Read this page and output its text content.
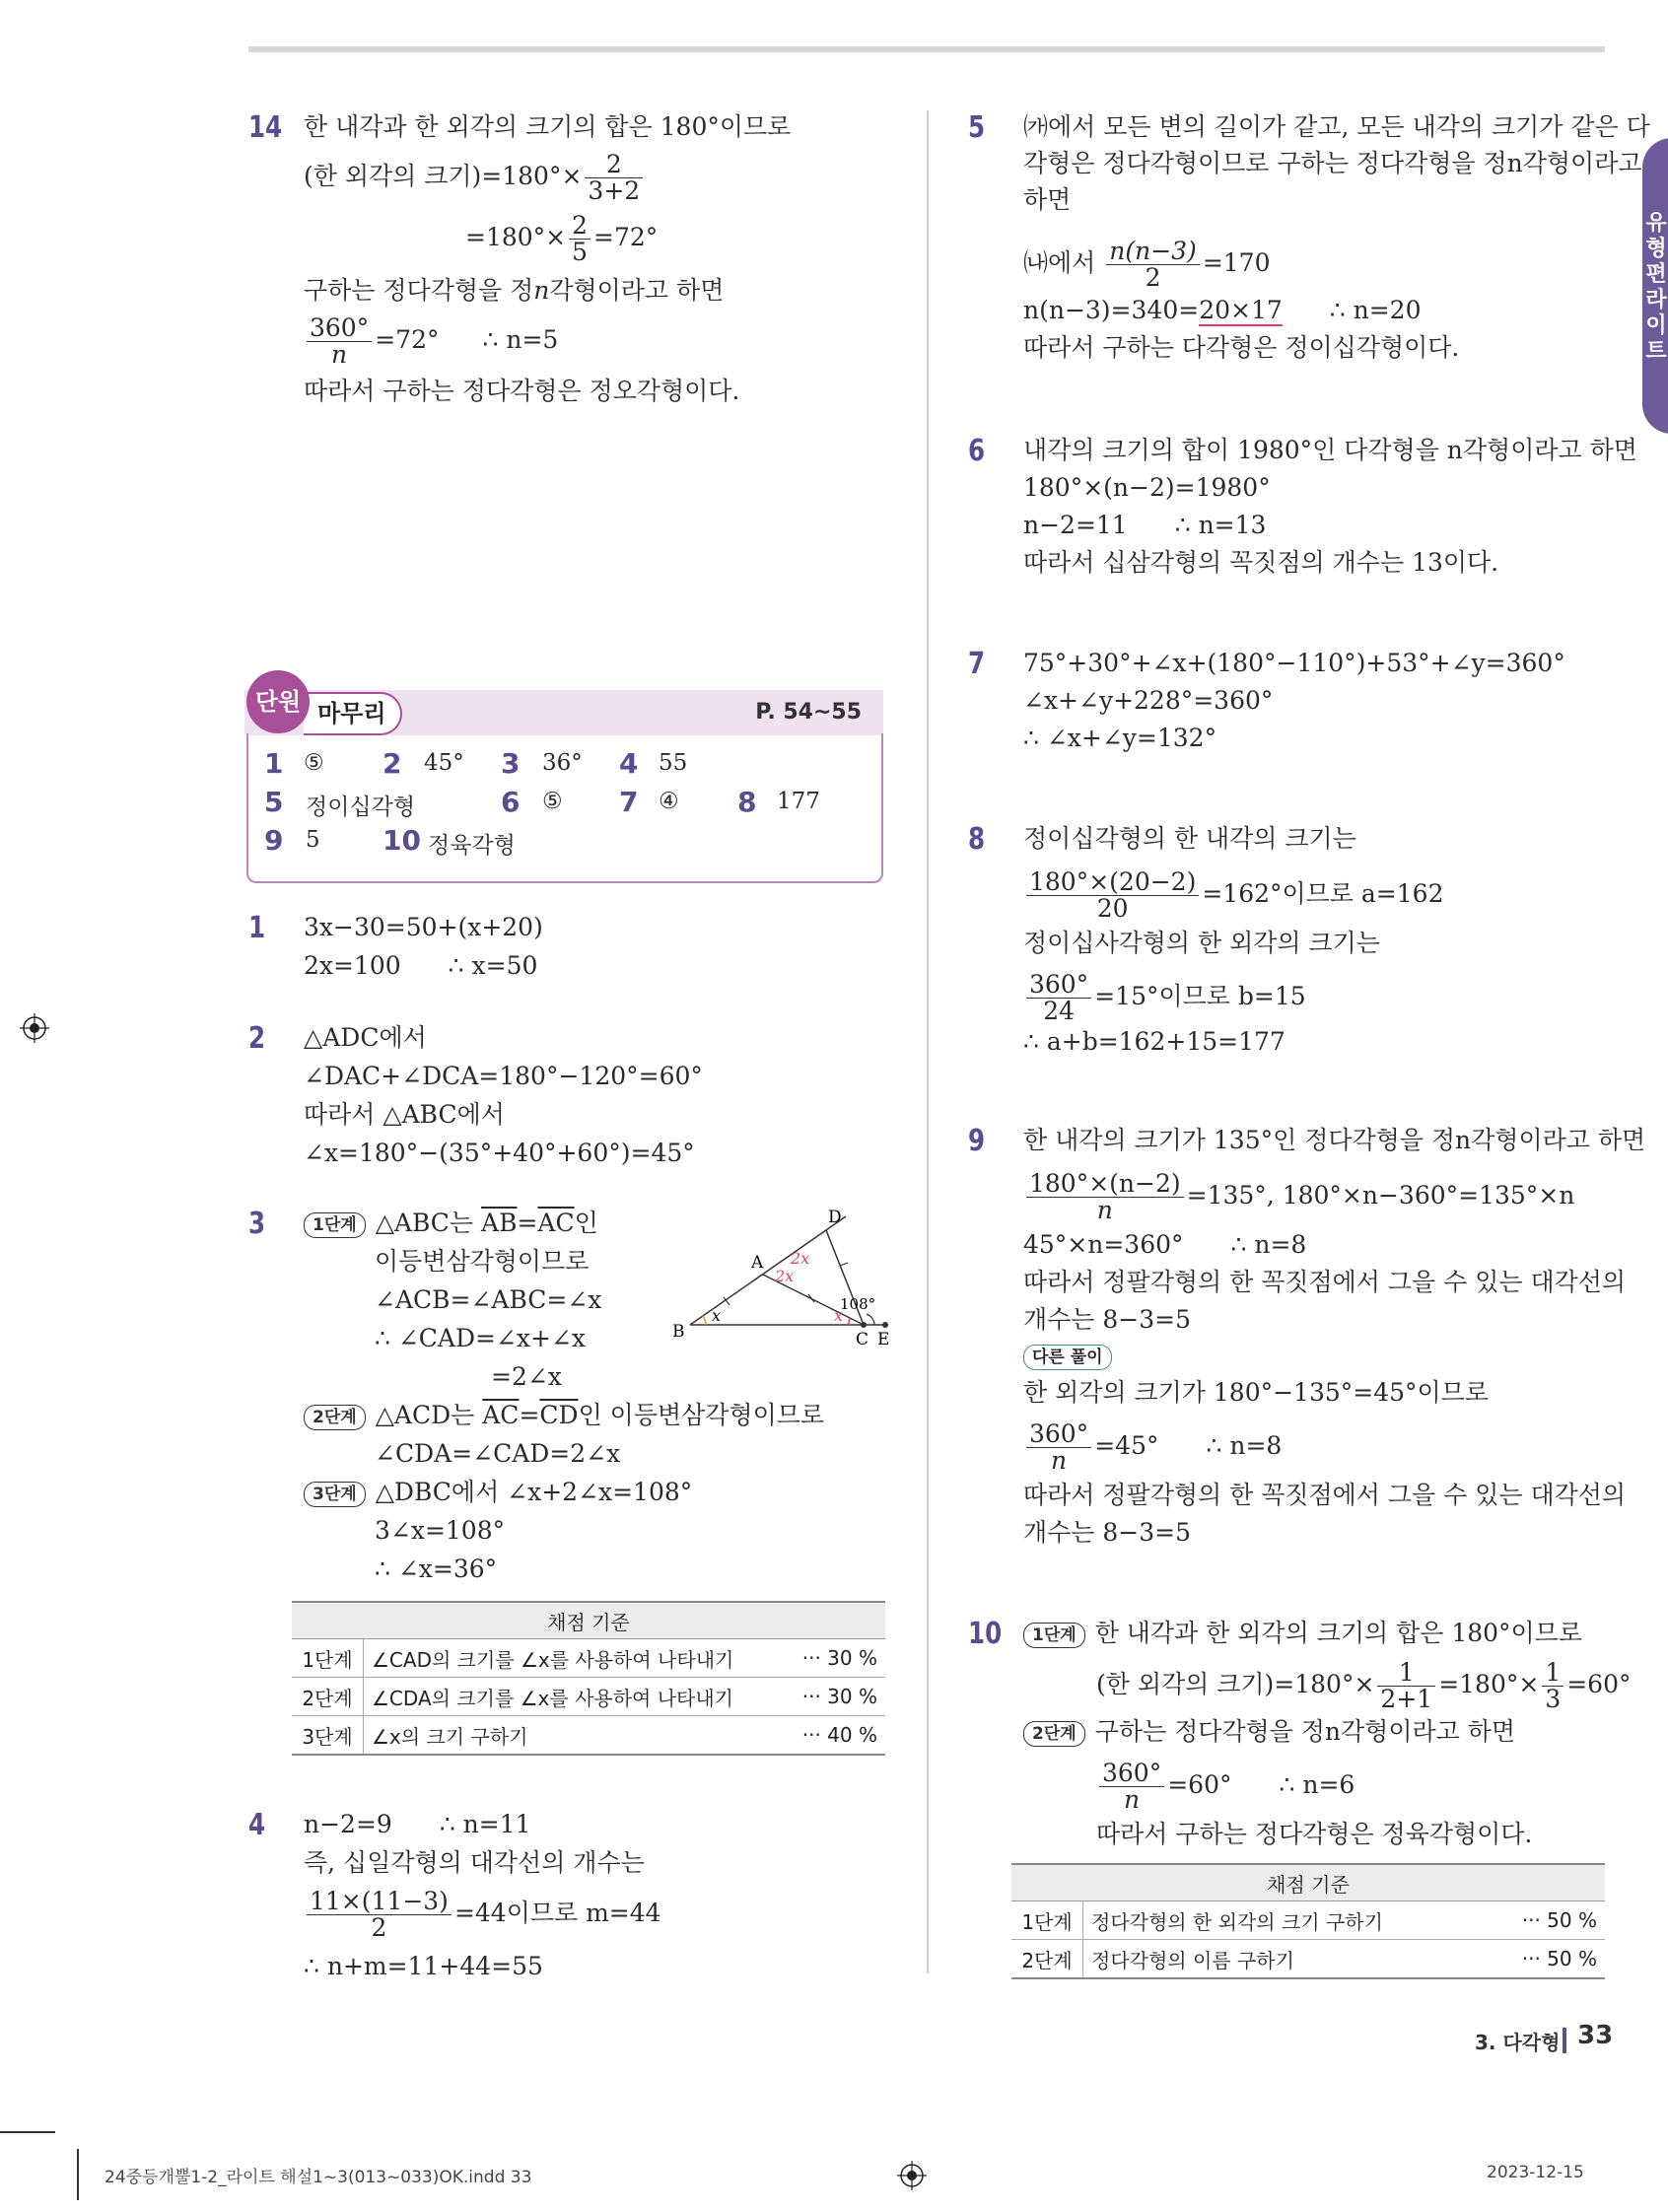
유형편 라이트
14 한 내각과 한 외각의 크기의 합은 180°이므로
(한 외각의 크기)$=180^\circ\times \frac{2}{3+2}$
$=180^\circ\times \frac{2}{5} =72^\circ$
구하는 정다각형을 정n각형이라고 하면
$\frac{360^\circ}{n} =72^\circ$ ∴ n=5
따라서 구하는 정다각형은 정오각형이다.
마무리
단원	P. 54~55
1 ⑤ 2 45° 3 36° 4 55
5 정이십각형	6 ⑤ 7 ④ 8 177
9 5 10 정육각형
1 3x−30=50+(x+20)
2x=100 ∴ x=50
2 △ADC에서
∠DAC+∠DCA=180°−120°=60°
따라서 △ABC에서
∠x=180°−(35°+40°+60°)=45°
3	1단계 △ABC는 $\overline{AB}=\overline{AC}$인
이등변삼각형이므로
∠ACB=∠ABC=∠x
∴ ∠CAD=∠x+∠x
=2∠x
2단계 △ACD는 $\overline{AC}=\overline{CD}$인 이등변삼각형이므로
∠CDA=∠CAD=2∠x
3단계 △DBC에서 ∠x+2∠x=108°
3∠x=108°
∴ ∠x=36°
D
A
B	C E
x	x
2x
2x
108°
채점 기준		
1단계	∠CAD의 크기를 ∠x를 사용하여 나타내기	··· 30 %
2단계	∠CDA의 크기를 ∠x를 사용하여 나타내기	··· 30 %
3단계	∠x의 크기 구하기	··· 40 %
4 n−2=9 ∴ n=11
즉, 십일각형의 대각선의 개수는
$\frac{11\times(11-3)}{2} =44$이므로 m=44
∴ n+m=11+44=55
5 ㈎에서 모든 변의 길이가 같고, 모든 내각의 크기가 같은 다
각형은 정다각형이므로 구하는 정다각형을 정n각형이라고
하면
㈏에서 $\frac{n(n-3)}{2} =170$
n(n−3)=340=20×17 ∴ n=20
따라서 구하는 다각형은 정이십각형이다.
6 내각의 크기의 합이 1980°인 다각형을 n각형이라고 하면
180°×(n−2)=1980°
n−2=11 ∴ n=13
따라서 십삼각형의 꼭짓점의 개수는 13이다.
7 75°+30°+∠x+(180°−110°)+53°+∠y=360°
∠x+∠y+228°=360°
∴ ∠x+∠y=132°
8 정이십각형의 한 내각의 크기는
$\frac{180^\circ\times(20-2)}{20} =162^\circ$이므로 a=162
정이십사각형의 한 외각의 크기는
$\frac{360^\circ}{24} =15^\circ$이므로 b=15
∴ a+b=162+15=177
9 한 내각의 크기가 135°인 정다각형을 정n각형이라고 하면
$\frac{180^\circ\times(n-2)}{n} =135^\circ$, 180°×n−360°=135°×n
45°×n=360° ∴ n=8
따라서 정팔각형의 한 꼭짓점에서 그을 수 있는 대각선의
개수는 8−3=5
다른 풀이
한 외각의 크기가 180°−135°=45°이므로
$\frac{360^\circ}{n} =45^\circ$ ∴ n=8
따라서 정팔각형의 한 꼭짓점에서 그을 수 있는 대각선의
개수는 8−3=5
10	1단계 한 내각과 한 외각의 크기의 합은 180°이므로
(한 외각의 크기)$=180^\circ\times \frac{1}{2+1} =180^\circ\times \frac{1}{3} =60^\circ$
2단계 구하는 정다각형을 정n각형이라고 하면
$\frac{360^\circ}{n} =60^\circ$ ∴ n=6
따라서 구하는 정다각형은 정육각형이다.
채점 기준		
1단계	정다각형의 한 외각의 크기 구하기	··· 50 %
2단계	정다각형의 이름 구하기	··· 50 %
3. 다각형 33
24중등개뿔1-2_라이트 해설1~3(013~033)OK.indd 33	2023-12-15
